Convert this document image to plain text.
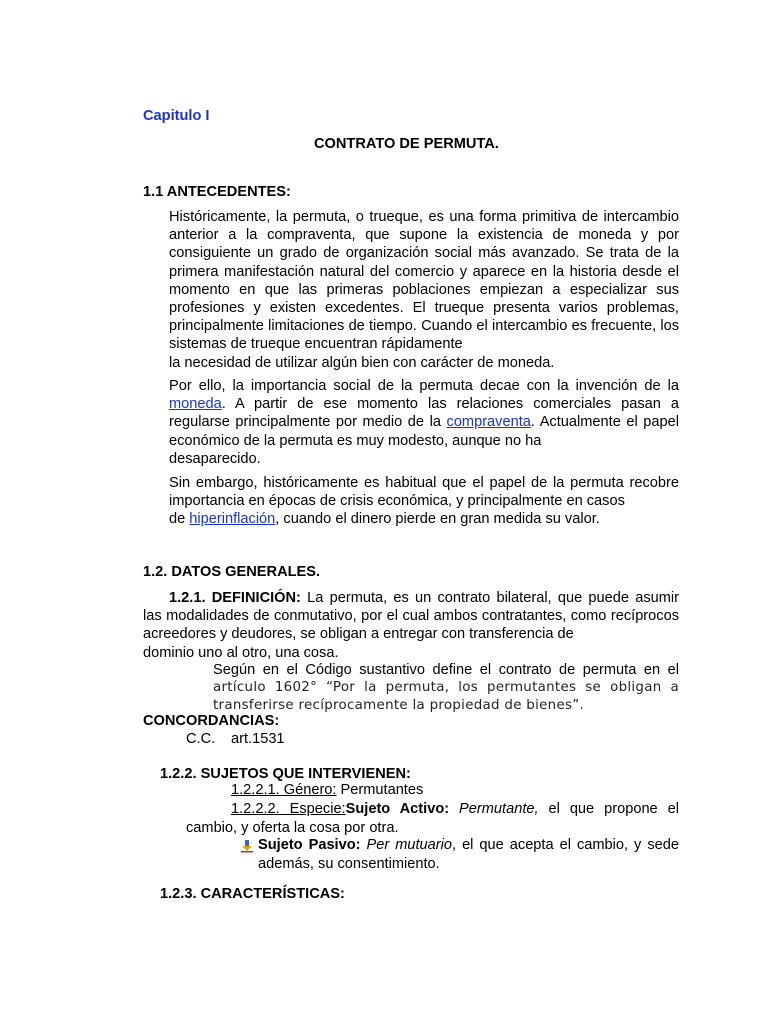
Capitulo I
CONTRATO DE PERMUTA.
1.1 ANTECEDENTES:
Históricamente, la permuta, o trueque, es una forma primitiva de intercambio anterior a la compraventa, que supone la existencia de moneda y por consiguiente un grado de organización social más avanzado. Se trata de la primera manifestación natural del comercio y aparece en la historia desde el momento en que las primeras poblaciones empiezan a especializar sus profesiones y existen excedentes. El trueque presenta varios problemas, principalmente limitaciones de tiempo. Cuando el intercambio es frecuente, los sistemas de trueque encuentran rápidamente
la necesidad de utilizar algún bien con carácter de moneda.
Por ello, la importancia social de la permuta decae con la invención de la moneda. A partir de ese momento las relaciones comerciales pasan a regularse principalmente por medio de la compraventa. Actualmente el papel económico de la permuta es muy modesto, aunque no ha
desaparecido.
Sin embargo, históricamente es habitual que el papel de la permuta recobre importancia en épocas de crisis económica, y principalmente en casos
de hiperinflación, cuando el dinero pierde en gran medida su valor.
1.2. DATOS GENERALES.
1.2.1. DEFINICIÓN: La permuta, es un contrato bilateral, que puede asumir las modalidades de conmutativo, por el cual ambos contratantes, como recíprocos acreedores y deudores, se obligan a entregar con transferencia de
dominio uno al otro, una cosa.
Según en el Código sustantivo define el contrato de permuta en el
artículo 1602° “Por la permuta, los permutantes se obligan a
transferirse recíprocamente la propiedad de bienes”.
CONCORDANCIAS:
C.C. art.1531
1.2.2. SUJETOS QUE INTERVIENEN:
1.2.2.1. Género: Permutantes
1.2.2.2. Especie:Sujeto Activo: Permutante, el que propone el
cambio, y oferta la cosa por otra.
Sujeto Pasivo: Per mutuario, el que acepta el cambio, y sede
además, su consentimiento.
1.2.3. CARACTERÍSTICAS:
